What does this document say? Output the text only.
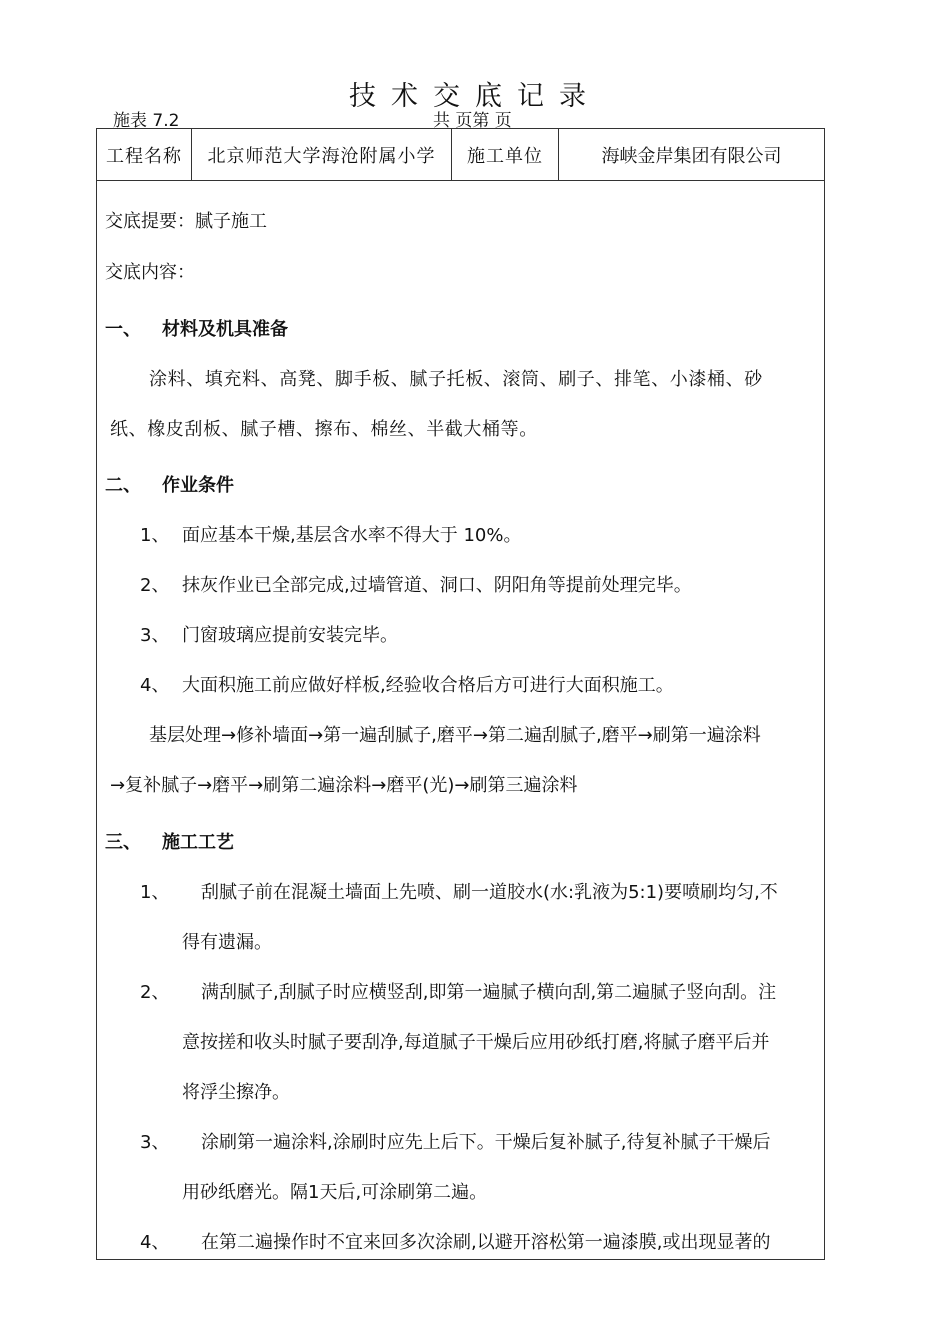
技术交底记录
施表 7.2	共 页第 页
工程名称	北京师范大学海沧附属小学	施工单位	海峡金岸集团有限公司
交底提要：腻子施工
交底内容：
一、 材料及机具准备
涂料、填充料、高凳、脚手板、腻子托板、滚筒、刷子、排笔、小漆桶、砂
纸、橡皮刮板、腻子槽、擦布、棉丝、半截大桶等。
二、 作业条件
1、 面应基本干燥,基层含水率不得大于 10%。
2、 抹灰作业已全部完成,过墙管道、洞口、阴阳角等提前处理完毕。
3、 门窗玻璃应提前安装完毕。
4、 大面积施工前应做好样板,经验收合格后方可进行大面积施工。
基层处理→修补墙面→第一遍刮腻子,磨平→第二遍刮腻子,磨平→刷第一遍涂料
→复补腻子→磨平→刷第二遍涂料→磨平(光)→刷第三遍涂料
三、 施工工艺
1、 刮腻子前在混凝土墙面上先喷、刷一道胶水(水:乳液为5:1)要喷刷均匀,不
得有遗漏。
2、 满刮腻子,刮腻子时应横竖刮,即第一遍腻子横向刮,第二遍腻子竖向刮。注
意按搓和收头时腻子要刮净,每道腻子干燥后应用砂纸打磨,将腻子磨平后并
将浮尘擦净。
3、 涂刷第一遍涂料,涂刷时应先上后下。干燥后复补腻子,待复补腻子干燥后
用砂纸磨光。隔1天后,可涂刷第二遍。
4、 在第二遍操作时不宜来回多次涂刷,以避开溶松第一遍漆膜,或出现显著的
